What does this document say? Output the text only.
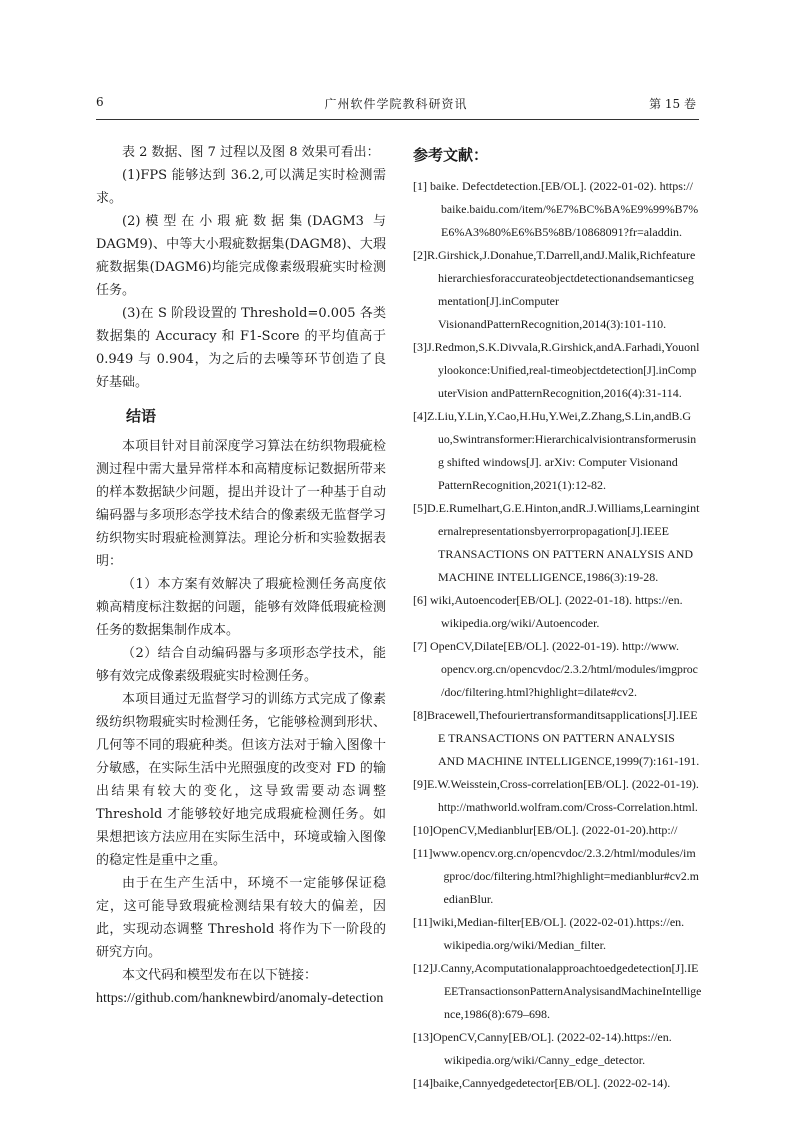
6	广州软件学院教科研资讯	第 15 卷

表 2 数据、图 7 过程以及图 8 效果可看出：

(1)FPS 能够达到 36.2,可以满足实时检测需求。

(2)模型在小瑕疵数据集(DAGM3 与 DAGM9)、中等大小瑕疵数据集(DAGM8)、大瑕疵数据集(DAGM6)均能完成像素级瑕疵实时检测任务。

(3)在 S 阶段设置的 Threshold=0.005 各类数据集的 Accuracy 和 F1-Score 的平均值高于 0.949 与 0.904，为之后的去噪等环节创造了良好基础。

结语

本项目针对目前深度学习算法在纺织物瑕疵检测过程中需大量异常样本和高精度标记数据所带来的样本数据缺少问题，提出并设计了一种基于自动编码器与多项形态学技术结合的像素级无监督学习纺织物实时瑕疵检测算法。理论分析和实验数据表明：

（1）本方案有效解决了瑕疵检测任务高度依赖高精度标注数据的问题，能够有效降低瑕疵检测任务的数据集制作成本。

（2）结合自动编码器与多项形态学技术，能够有效完成像素级瑕疵实时检测任务。

本项目通过无监督学习的训练方式完成了像素级纺织物瑕疵实时检测任务，它能够检测到形状、几何等不同的瑕疵种类。但该方法对于输入图像十分敏感，在实际生活中光照强度的改变对 FD 的输出结果有较大的变化，这导致需要动态调整 Threshold 才能够较好地完成瑕疵检测任务。如果想把该方法应用在实际生活中，环境或输入图像的稳定性是重中之重。

由于在生产生活中，环境不一定能够保证稳定，这可能导致瑕疵检测结果有较大的偏差，因此，实现动态调整 Threshold 将作为下一阶段的研究方向。

本文代码和模型发布在以下链接：

https://github.com/hanknewbird/anomaly-detection

参考文献：
[1] baike. Defectdetection.[EB/OL]. (2022-01-02). https://
baike.baidu.com/item/%E7%BC%BA%E9%99%B7%
E6%A3%80%E6%B5%8B/10868091?fr=aladdin.
[2] R.Girshick,J.Donahue,T.Darrell,andJ.Malik,Richfeature
hierarchiesforaccurateobjectdetectionandsemanticseg
mentation[J].inComputer
VisionandPatternRecognition,2014(3):101-110.
[3] J.Redmon,S.K.Divvala,R.Girshick,andA.Farhadi,Youonl
ylookonce:Unified,real-timeobjectdetection[J].inComp
uterVision andPatternRecognition,2016(4):31-114.
[4] Z.Liu,Y.Lin,Y.Cao,H.Hu,Y.Wei,Z.Zhang,S.Lin,andB.G
uo,Swintransformer:Hierarchicalvisiontransformerusin
g shifted windows[J]. arXiv: Computer Visionand
PatternRecognition,2021(1):12-82.
[5] D.E.Rumelhart,G.E.Hinton,andR.J.Williams,Learningint
ernalrepresentationsbyerrorpropagation[J].IEEE
TRANSACTIONS ON PATTERN ANALYSIS AND
MACHINE INTELLIGENCE,1986(3):19-28.
[6] wiki,Autoencoder[EB/OL]. (2022-01-18). https://en.
wikipedia.org/wiki/Autoencoder.
[7] OpenCV,Dilate[EB/OL]. (2022-01-19). http://www.
opencv.org.cn/opencvdoc/2.3.2/html/modules/imgproc
/doc/filtering.html?highlight=dilate#cv2.
[8] Bracewell,Thefouriertransformanditsapplications[J].IEE
E TRANSACTIONS ON PATTERN ANALYSIS
AND MACHINE INTELLIGENCE,1999(7):161-191.
[9] E.W.Weisstein,Cross-correlation[EB/OL]. (2022-01-19).
http://mathworld.wolfram.com/Cross-Correlation.html.
[10] OpenCV,Medianblur[EB/OL]. (2022-01-20).http://
[11] www.opencv.org.cn/opencvdoc/2.3.2/html/modules/im
gproc/doc/filtering.html?highlight=medianblur#cv2.m
edianBlur.
[11] wiki,Median-filter[EB/OL]. (2022-02-01).https://en.
wikipedia.org/wiki/Median_filter.
[12] J.Canny,Acomputationalapproachtoedgedetection[J].IE
EETransactionsonPatternAnalysisandMachineIntellige
nce,1986(8):679–698.
[13] OpenCV,Canny[EB/OL]. (2022-02-14).https://en.
wikipedia.org/wiki/Canny_edge_detector.
[14] baike,Cannyedgedetector[EB/OL]. (2022-02-14).
